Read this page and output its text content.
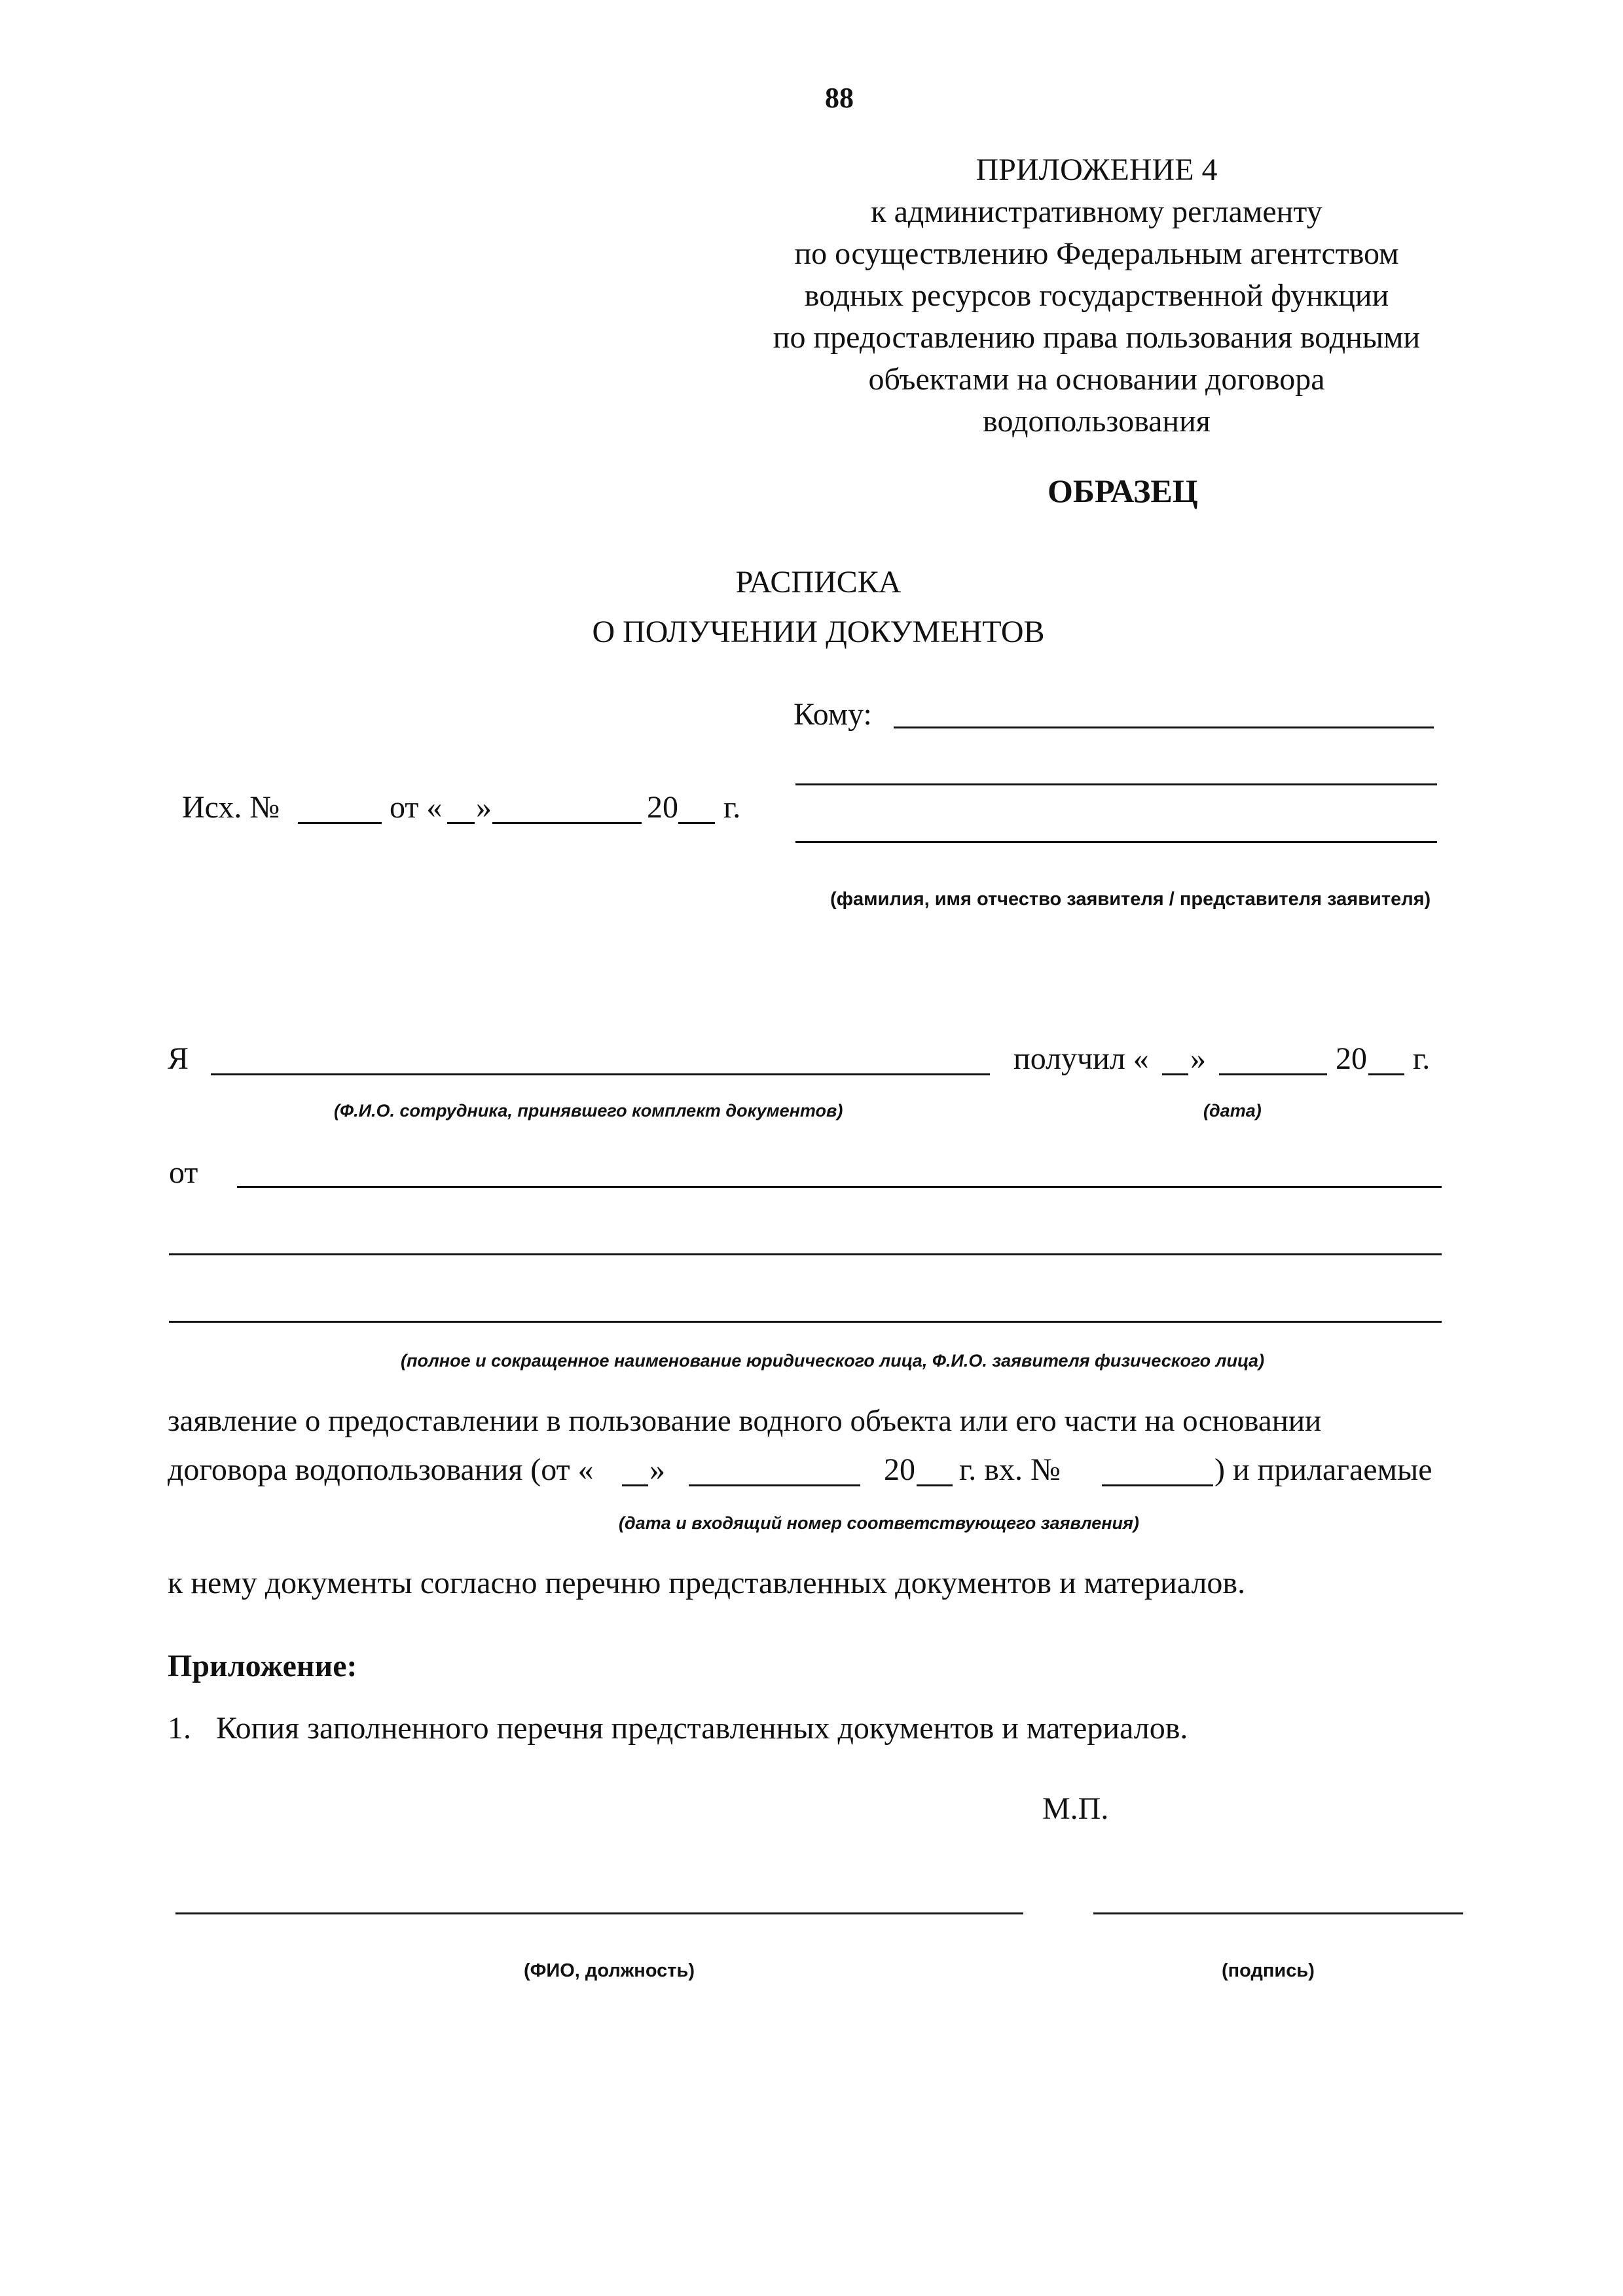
88
ПРИЛОЖЕНИЕ 4
к административному регламенту
по осуществлению Федеральным агентством
водных ресурсов государственной функции
по предоставлению права пользования водными
объектами на основании договора
водопользования
ОБРАЗЕЦ
РАСПИСКА
О ПОЛУЧЕНИИ ДОКУМЕНТОВ
Кому:
(фамилия, имя отчество заявителя / представителя заявителя)
Исх. №	от « »	20 г.
Я	получил « »	20 г.
(Ф.И.О. сотрудника, принявшего комплект документов)	(дата)
от
(полное и сокращенное наименование юридического лица, Ф.И.О. заявителя физического лица)
заявление о предоставлении в пользование водного объекта или его части на основании
договора водопользования (от « »	20 г. вх. №	) и прилагаемые
(дата и входящий номер соответствующего заявления)
к нему документы согласно перечню представленных документов и материалов.
Приложение:
1. Копия заполненного перечня представленных документов и материалов.
М.П.
(ФИО, должность)	(подпись)
